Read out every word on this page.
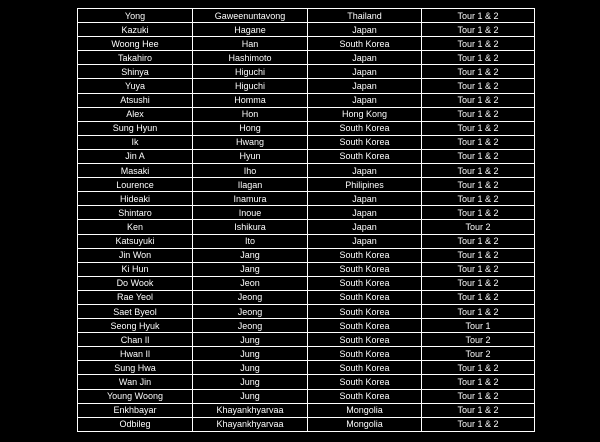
Yong	Gaweenuntavong	Thailand	Tour 1 & 2
Kazuki	Hagane	Japan	Tour 1 & 2
Woong Hee	Han	South Korea	Tour 1 & 2
Takahiro	Hashimoto	Japan	Tour 1 & 2
Shinya	Higuchi	Japan	Tour 1 & 2
Yuya	Higuchi	Japan	Tour 1 & 2
Atsushi	Homma	Japan	Tour 1 & 2
Alex	Hon	Hong Kong	Tour 1 & 2
Sung Hyun	Hong	South Korea	Tour 1 & 2
Ik	Hwang	South Korea	Tour 1 & 2
Jin A	Hyun	South Korea	Tour 1 & 2
Masaki	Iho	Japan	Tour 1 & 2
Lourence	Ilagan	Philipines	Tour 1 & 2
Hideaki	Inamura	Japan	Tour 1 & 2
Shintaro	Inoue	Japan	Tour 1 & 2
Ken	Ishikura	Japan	Tour 2
Katsuyuki	Ito	Japan	Tour 1 & 2
Jin Won	Jang	South Korea	Tour 1 & 2
Ki Hun	Jang	South Korea	Tour 1 & 2
Do Wook	Jeon	South Korea	Tour 1 & 2
Rae Yeol	Jeong	South Korea	Tour 1 & 2
Saet Byeol	Jeong	South Korea	Tour 1 & 2
Seong Hyuk	Jeong	South Korea	Tour 1
Chan Il	Jung	South Korea	Tour 2
Hwan Il	Jung	South Korea	Tour 2
Sung Hwa	Jung	South Korea	Tour 1 & 2
Wan Jin	Jung	South Korea	Tour 1 & 2
Young Woong	Jung	South Korea	Tour 1 & 2
Enkhbayar	Khayankhyarvaa	Mongolia	Tour 1 & 2
Odbileg	Khayankhyarvaa	Mongolia	Tour 1 & 2
